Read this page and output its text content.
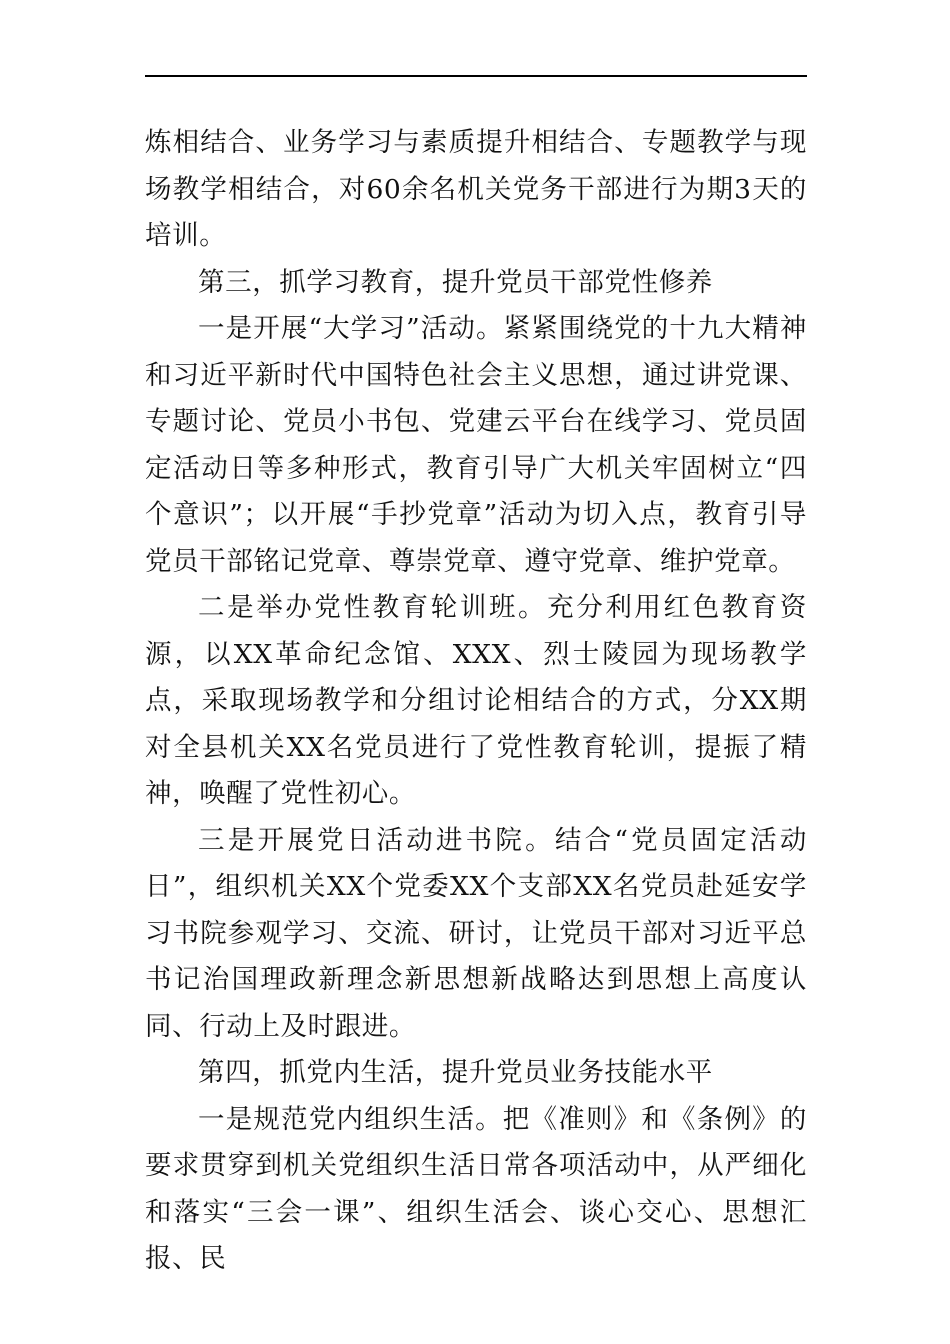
炼相结合、业务学习与素质提升相结合、专题教学与现场教学相结合，对60余名机关党务干部进行为期3天的培训。

第三，抓学习教育，提升党员干部党性修养

一是开展“大学习”活动。紧紧围绕党的十九大精神和习近平新时代中国特色社会主义思想，通过讲党课、专题讨论、党员小书包、党建云平台在线学习、党员固定活动日等多种形式，教育引导广大机关牢固树立“四个意识”；以开展“手抄党章”活动为切入点，教育引导党员干部铭记党章、尊崇党章、遵守党章、维护党章。

二是举办党性教育轮训班。充分利用红色教育资源，以XX革命纪念馆、XXX、烈士陵园为现场教学点，采取现场教学和分组讨论相结合的方式，分XX期对全县机关XX名党员进行了党性教育轮训，提振了精神，唤醒了党性初心。

三是开展党日活动进书院。结合“党员固定活动日”，组织机关XX个党委XX个支部XX名党员赴延安学习书院参观学习、交流、研讨，让党员干部对习近平总书记治国理政新理念新思想新战略达到思想上高度认同、行动上及时跟进。

第四，抓党内生活，提升党员业务技能水平

一是规范党内组织生活。把《准则》和《条例》的要求贯穿到机关党组织生活日常各项活动中，从严细化和落实“三会一课”、组织生活会、谈心交心、思想汇报、民
